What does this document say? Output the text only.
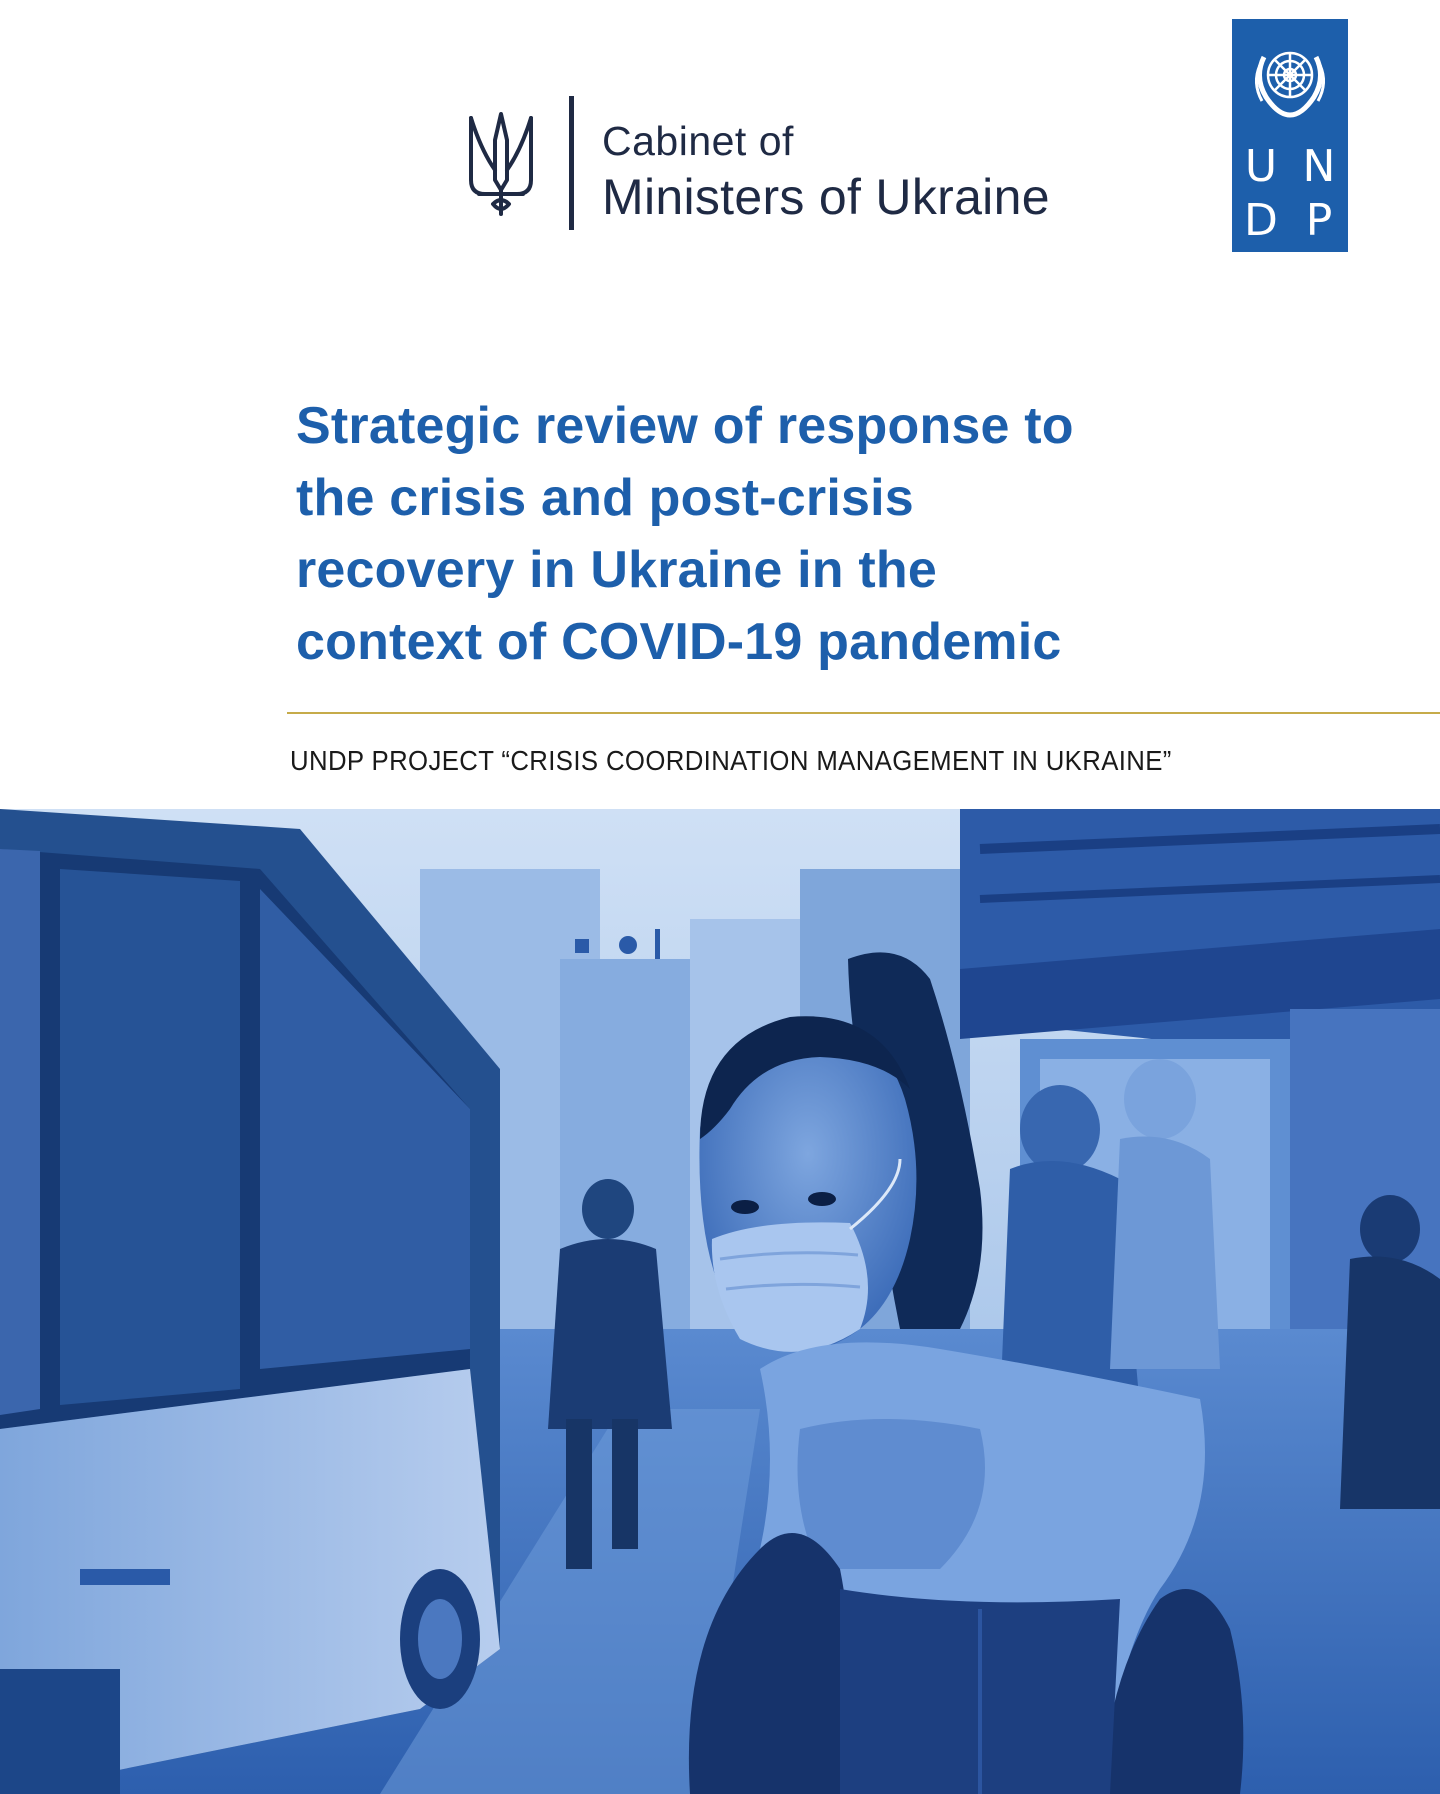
Cabinet of
Ministers of Ukraine
U N
D P
Strategic review of response to
the crisis and post-crisis
recovery in Ukraine in the
context of COVID-19 pandemic
UNDP PROJECT “CRISIS COORDINATION MANAGEMENT IN UKRAINE”
